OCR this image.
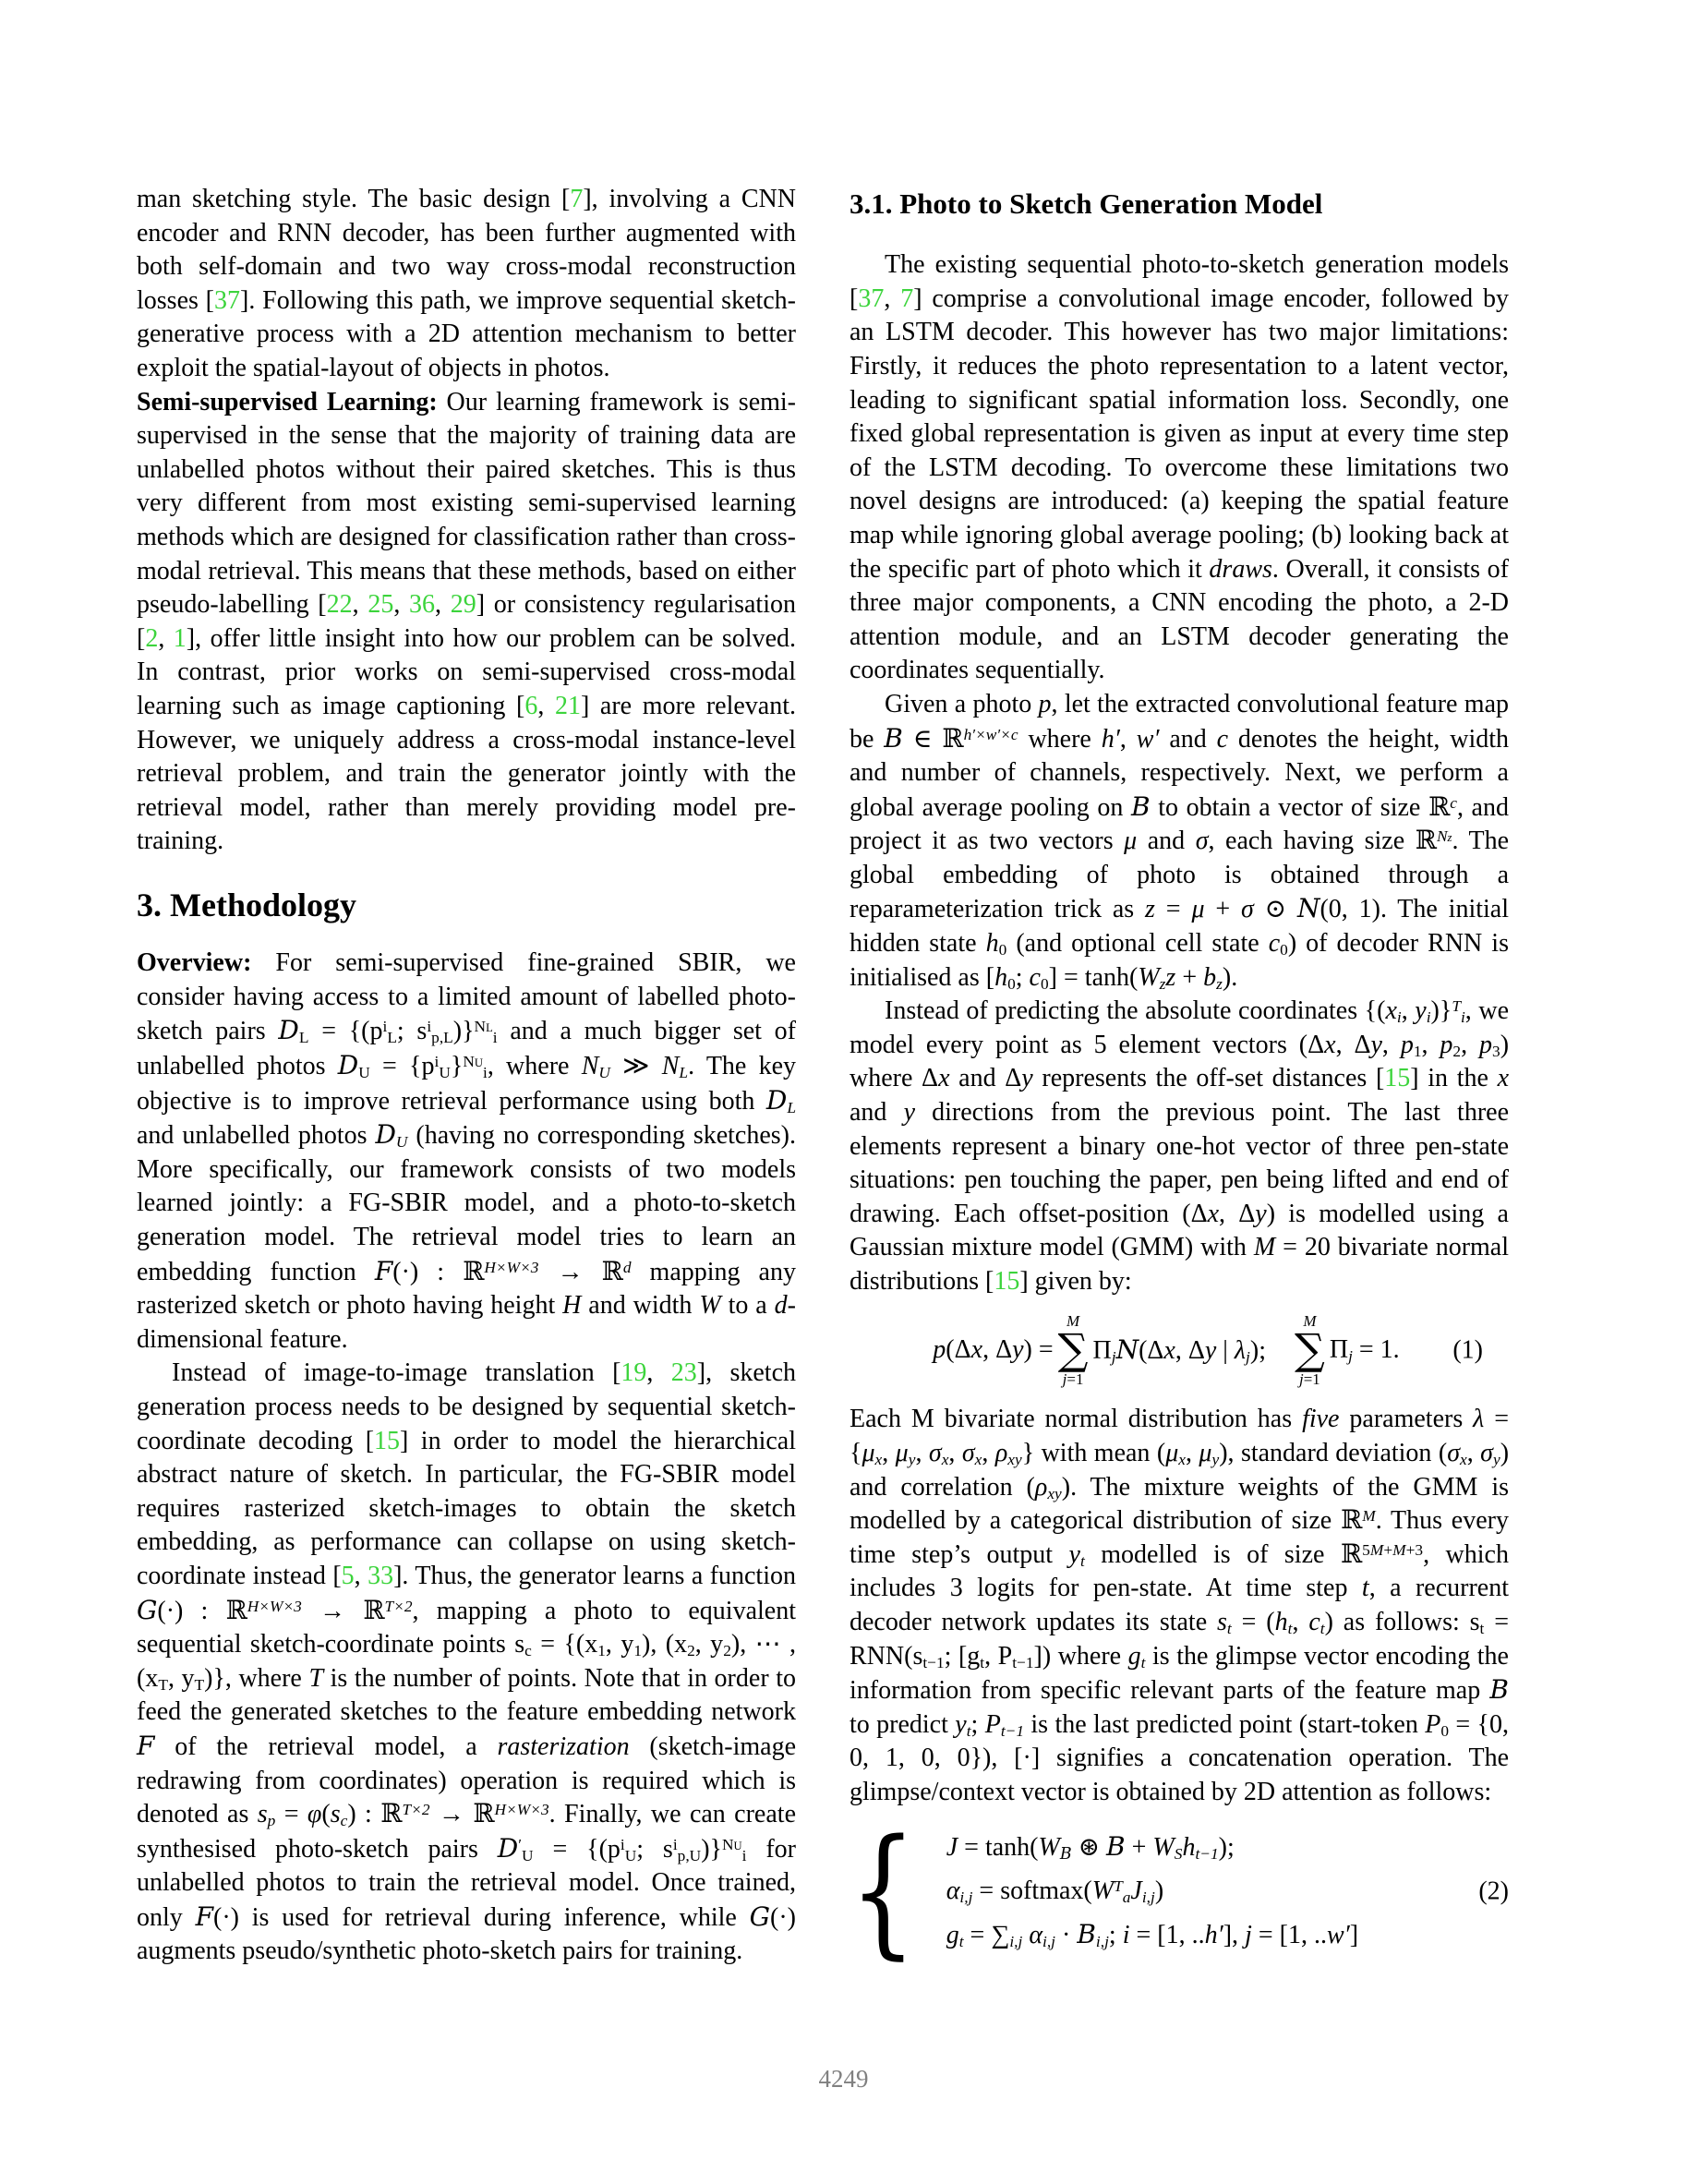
man sketching style. The basic design [7], involving a CNN encoder and RNN decoder, has been further augmented with both self-domain and two way cross-modal reconstruction losses [37]. Following this path, we improve sequential sketch-generative process with a 2D attention mechanism to better exploit the spatial-layout of objects in photos.

Semi-supervised Learning: Our learning framework is semi-supervised in the sense that the majority of training data are unlabelled photos without their paired sketches. This is thus very different from most existing semi-supervised learning methods which are designed for classification rather than cross-modal retrieval. This means that these methods, based on either pseudo-labelling [22, 25, 36, 29] or consistency regularisation [2, 1], offer little insight into how our problem can be solved. In contrast, prior works on semi-supervised cross-modal learning such as image captioning [6, 21] are more relevant. However, we uniquely address a cross-modal instance-level retrieval problem, and train the generator jointly with the retrieval model, rather than merely providing model pre-training.

3. Methodology

Overview: For semi-supervised fine-grained SBIR, we consider having access to a limited amount of labelled photo-sketch pairs DL = {($p^iL$; $s^ip,L)\}^{NL}i$ and a much bigger set of unlabelled photos DU = $\{p^iU\}^{NU}i$, where NU ≫ NL. The key objective is to improve retrieval performance using both DL and unlabelled photos DU (having no corresponding sketches). More specifically, our framework consists of two models learned jointly: a FG-SBIR model, and a photo-to-sketch generation model. The retrieval model tries to learn an embedding function F(·) : ℝ$^{H\times W\times 3}$ → ℝ$^d$ mapping any rasterized sketch or photo having height H and width W to a d-dimensional feature.

Instead of image-to-image translation [19, 23], sketch generation process needs to be designed by sequential sketch-coordinate decoding [15] in order to model the hierarchical abstract nature of sketch. In particular, the FG-SBIR model requires rasterized sketch-images to obtain the sketch embedding, as performance can collapse on using sketch-coordinate instead [5, 33]. Thus, the generator learns a function G(·) : ℝ$^{H\times W\times 3}$ → ℝ$^{T\times 2}$, mapping a photo to equivalent sequential sketch-coordinate points sc = {(x1, y1), (x2, y2), ⋯ , (xT, yT)}, where T is the number of points. Note that in order to feed the generated sketches to the feature embedding network F of the retrieval model, a rasterization (sketch-image redrawing from coordinates) operation is required which is denoted as sp = φ(sc) : ℝ$^{T\times 2}$ → ℝ$^{H\times W\times 3}$. Finally, we can create synthesised photo-sketch pairs $D'U = \{(p^iU$; $s^ip,U)\}^{NU}i$ for unlabelled photos to train the retrieval model. Once trained, only F(·) is used for retrieval during inference, while G(·) augments pseudo/synthetic photo-sketch pairs for training.

3.1. Photo to Sketch Generation Model

The existing sequential photo-to-sketch generation models [37, 7] comprise a convolutional image encoder, followed by an LSTM decoder. This however has two major limitations: Firstly, it reduces the photo representation to a latent vector, leading to significant spatial information loss. Secondly, one fixed global representation is given as input at every time step of the LSTM decoding. To overcome these limitations two novel designs are introduced: (a) keeping the spatial feature map while ignoring global average pooling; (b) looking back at the specific part of photo which it draws. Overall, it consists of three major components, a CNN encoding the photo, a 2-D attention module, and an LSTM decoder generating the coordinates sequentially.

Given a photo p, let the extracted convolutional feature map be B ∈ ℝ$^{h'\times w'\times c}$ where h′, w′ and c denotes the height, width and number of channels, respectively. Next, we perform a global average pooling on B to obtain a vector of size ℝ$^c$, and project it as two vectors μ and σ, each having size ℝ$^{Nz}$. The global embedding of photo is obtained through a reparameterization trick as z = μ + σ ⊙ N(0, 1). The initial hidden state h0 (and optional cell state c0) of decoder RNN is initialised as [h0; c0] = tanh(Wzz + bz).

Instead of predicting the absolute coordinates {(xi, yi)}$^T$i, we model every point as 5 element vectors (Δx, Δy, p1, p2, p3) where Δx and Δy represents the off-set distances [15] in the x and y directions from the previous point. The last three elements represent a binary one-hot vector of three pen-state situations: pen touching the paper, pen being lifted and end of drawing. Each offset-position (Δx, Δy) is modelled using a Gaussian mixture model (GMM) with M = 20 bivariate normal distributions [15] given by:

p(Δx, Δy) =
M
∑
j=1
ΠjN(Δx, Δy | λj);
M
∑
j=1
Πj = 1. (1)

Each M bivariate normal distribution has five parameters λ = {μx, μy, σx, σx, ρxy} with mean (μx, μy), standard deviation (σx, σy) and correlation (ρxy). The mixture weights of the GMM is modelled by a categorical distribution of size ℝ$^M$. Thus every time step’s output yt modelled is of size ℝ$^{5M+M+3}$, which includes 3 logits for pen-state. At time step t, a recurrent decoder network updates its state st = (ht, ct) as follows: st = RNN(st−1; [gt, Pt−1]) where gt is the glimpse vector encoding the information from specific relevant parts of the feature map B to predict yt; Pt−1 is the last predicted point (start-token P0 = {0, 0, 1, 0, 0}), [·] signifies a concatenation operation. The glimpse/context vector is obtained by 2D attention as follows:

{ J = tanh(WB ⊛ B + WSht−1);
$\alpha i,j = softmax(W^TaJi,j)$
gt = ∑i,j αi,j · Bi,j; i = [1, ..h′], j = [1, ..w′]
(2)
4249
